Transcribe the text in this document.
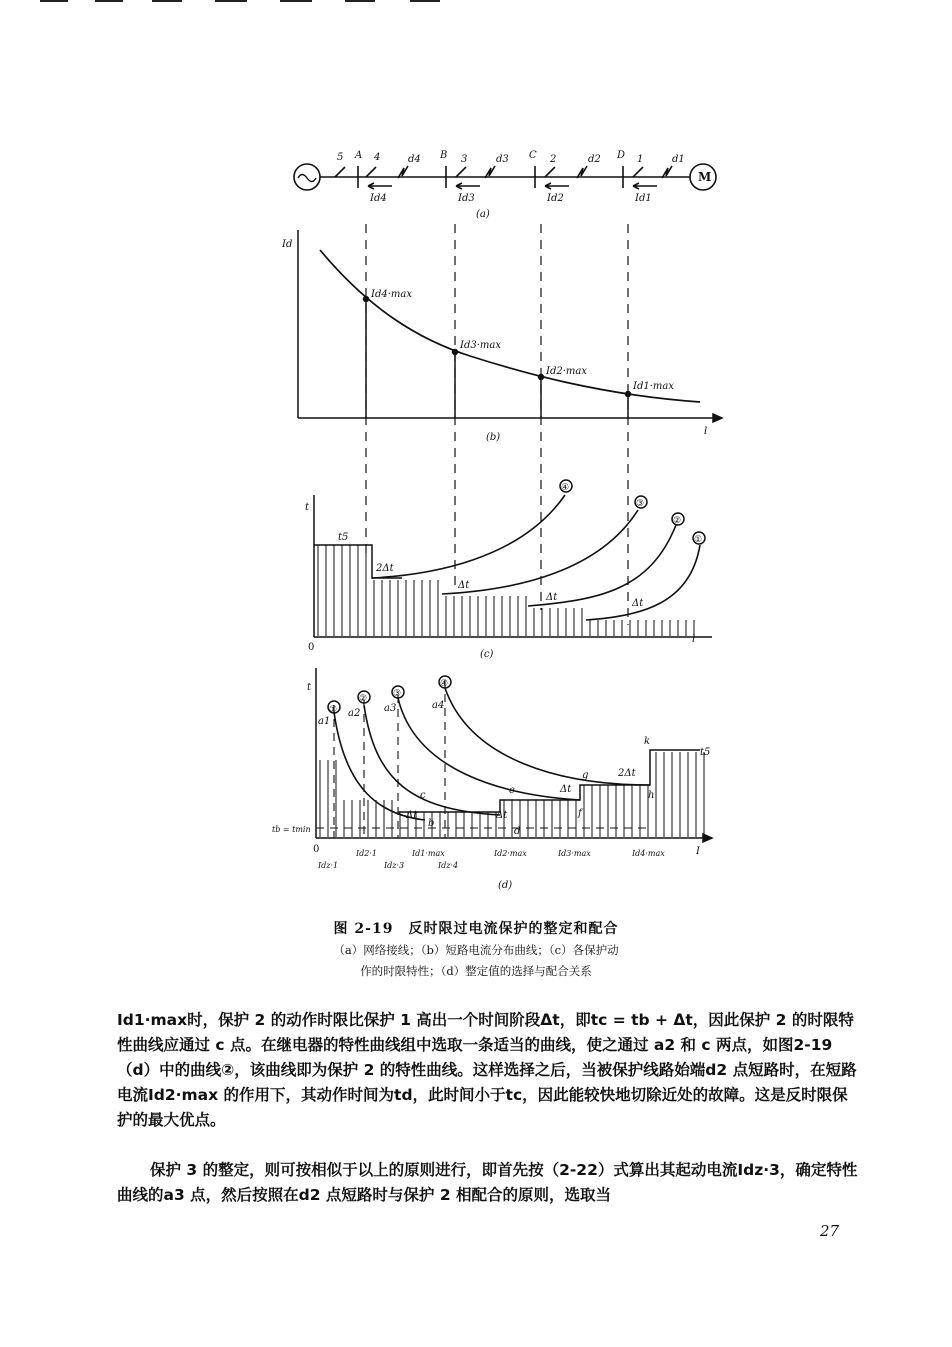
M
5 A 4	B 3	C 2	D 1
d4	d3	d2	d1
Id4	Id3	Id2	Id1
(a)
Id
l
Id4·max
Id3·max
Id2·max
Id1·max
(b)
t
l
0
t5
2Δt
Δt
Δt
Δt
④
③
②
①
(c)
t
I
0
tb = tmin
t5
2Δt
Δt	Δt
Δt
①
②	③
④
a1
a2 a3	a4
b
c
d
e
f
g
h
k
Idz·1
Id2·1
Idz·3
Id1·max
Idz·4
Id2·max	Id3·max	Id4·max
(d)
图 2-19　反时限过电流保护的整定和配合
（a）网络接线；（b）短路电流分布曲线；（c）各保护动
作的时限特性；（d）整定值的选择与配合关系
Id1·max时，保护 2 的动作时限比保护 1 高出一个时间阶段Δt，即tc = tb + Δt，因此保护 2 的时限特性曲线应通过 c 点。在继电器的特性曲线组中选取一条适当的曲线，使之通过 a2 和 c 两点，如图2-19（d）中的曲线②，该曲线即为保护 2 的特性曲线。这样选择之后，当被保护线路始端d2 点短路时，在短路电流Id2·max 的作用下，其动作时间为td，此时间小于tc，因此能较快地切除近处的故障。这是反时限保护的最大优点。
保护 3 的整定，则可按相似于以上的原则进行，即首先按（2-22）式算出其起动电流Idz·3，确定特性曲线的a3 点，然后按照在d2 点短路时与保护 2 相配合的原则，选取当
27
